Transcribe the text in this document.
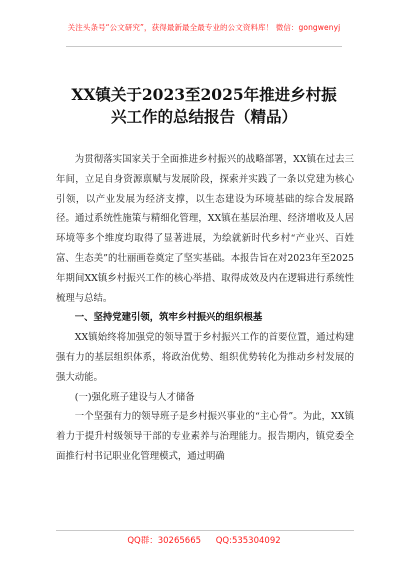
关注头条号“公文研究”，获得最新最全最专业的公文资料库！ 微信：gongwenyj
XX镇关于2023至2025年推进乡村振
兴工作的总结报告（精品）

为贯彻落实国家关于全面推进乡村振兴的战略部署，XX镇在过去三年间，立足自身资源禀赋与发展阶段，探索并实践了一条以党建为核心引领，以产业发展为经济支撑，以生态建设为环境基础的综合发展路径。通过系统性施策与精细化管理，XX镇在基层治理、经济增收及人居环境等多个维度均取得了显著进展，为绘就新时代乡村“产业兴、百姓富、生态美”的壮丽画卷奠定了坚实基础。本报告旨在对2023年至2025年期间XX镇乡村振兴工作的核心举措、取得成效及内在逻辑进行系统性梳理与总结。

一、坚持党建引领，筑牢乡村振兴的组织根基

XX镇始终将加强党的领导置于乡村振兴工作的首要位置，通过构建强有力的基层组织体系，将政治优势、组织优势转化为推动乡村发展的强大动能。

(一)强化班子建设与人才储备

一个坚强有力的领导班子是乡村振兴事业的“主心骨”。为此，XX镇着力于提升村级领导干部的专业素养与治理能力。报告期内，镇党委全面推行村书记职业化管理模式，通过明确

QQ群：30265665 QQ:535304092
